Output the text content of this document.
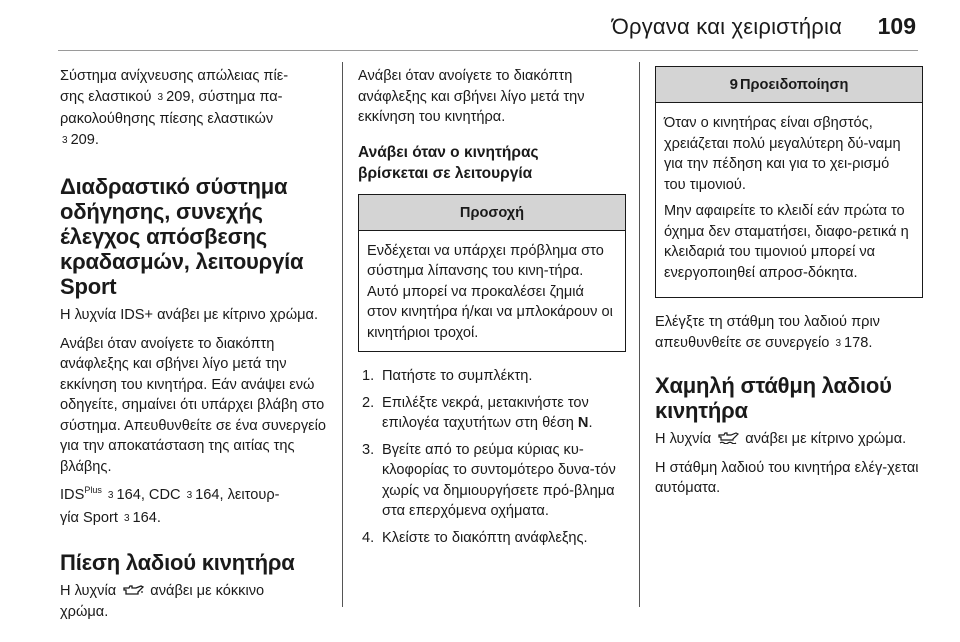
Όργανα και χειριστήρια 109
Σύστημα ανίχνευσης απώλειας πίε-
σης ελαστικού 3 209, σύστημα πα-
ρακολούθησης πίεσης ελαστικών
3 209.
Διαδραστικό σύστημα
οδήγησης, συνεχής
έλεγχος απόσβεσης
κραδασμών, λειτουργία
Sport
Η λυχνία IDS+ ανάβει με κίτρινο χρώμα.
Ανάβει όταν ανοίγετε το διακόπτη ανάφλεξης και σβήνει λίγο μετά την εκκίνηση του κινητήρα. Εάν ανάψει ενώ οδηγείτε, σημαίνει ότι υπάρχει βλάβη στο σύστημα. Απευθυνθείτε σε ένα συνεργείο για την αποκατάσταση της αιτίας της βλάβης.
$IDS^{Plus}$ 3 164, CDC 3 164, λειτουρ-
γία Sport 3 164.
Πίεση λαδιού κινητήρα
Η λυχνία ανάβει με κόκκινο
χρώμα.
Ανάβει όταν ανοίγετε το διακόπτη ανάφλεξης και σβήνει λίγο μετά την εκκίνηση του κινητήρα.
Ανάβει όταν ο κινητήρας
βρίσκεται σε λειτουργία
Προσοχή
Ενδέχεται να υπάρχει πρόβλημα στο σύστημα λίπανσης του κινη-τήρα. Αυτό μπορεί να προκαλέσει ζημιά στον κινητήρα ή/και να μπλοκάρουν οι κινητήριοι τροχοί.
1. Πατήστε το συμπλέκτη.
2. Επιλέξτε νεκρά, μετακινήστε τον επιλογέα ταχυτήτων στη θέση N.
3. Βγείτε από το ρεύμα κύριας κυ-κλοφορίας το συντομότερο δυνα-τόν χωρίς να δημιουργήσετε πρό-βλημα στα επερχόμενα οχήματα.
4. Κλείστε το διακόπτη ανάφλεξης.
9 Προειδοποίηση
Όταν ο κινητήρας είναι σβηστός, χρειάζεται πολύ μεγαλύτερη δύ-ναμη για την πέδηση και για το χει-ρισμό του τιμονιού.
Μην αφαιρείτε το κλειδί εάν πρώτα το όχημα δεν σταματήσει, διαφο-ρετικά η κλειδαριά του τιμονιού μπορεί να ενεργοποιηθεί απροσ-δόκητα.
Ελέγξτε τη στάθμη του λαδιού πριν απευθυνθείτε σε συνεργείο 3 178.
Χαμηλή στάθμη λαδιού
κινητήρα
Η λυχνία ανάβει με κίτρινο χρώμα.
Η στάθμη λαδιού του κινητήρα ελέγ-χεται αυτόματα.
